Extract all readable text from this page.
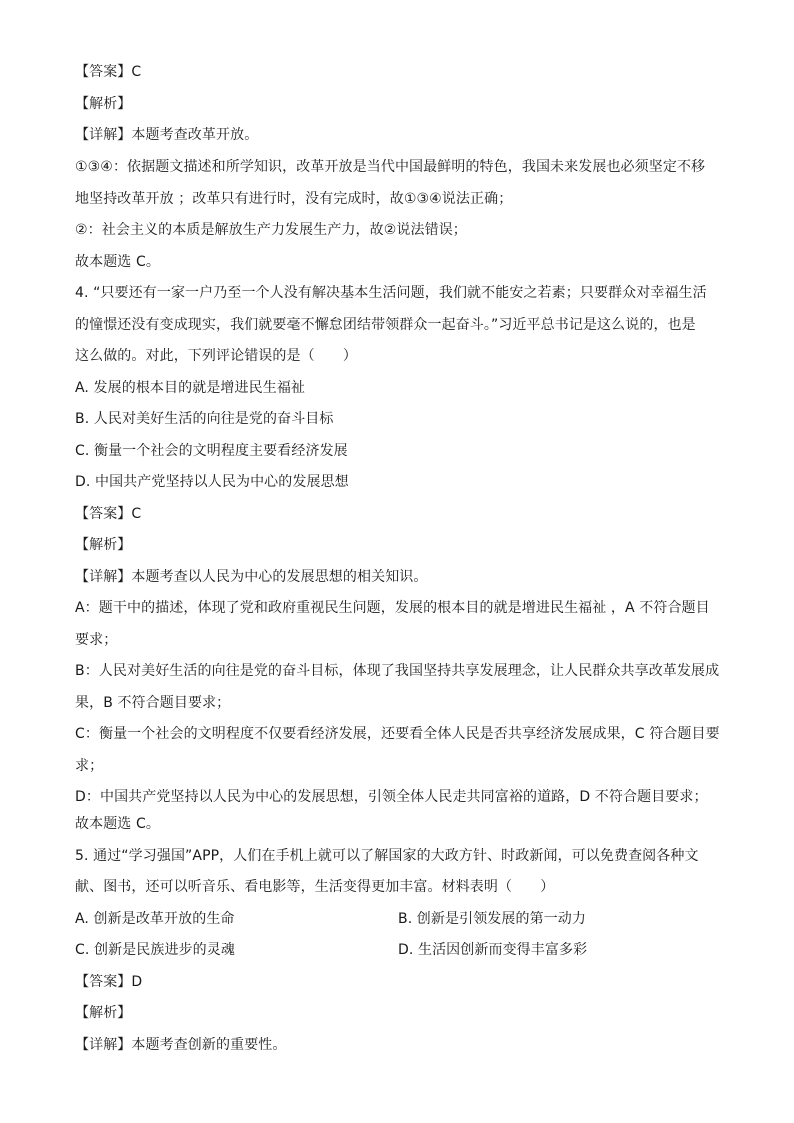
【答案】C
【解析】
【详解】本题考查改革开放。
①③④：依据题文描述和所学知识，改革开放是当代中国最鲜明的特色，我国未来发展也必须坚定不移
地坚持改革开放 ；改革只有进行时，没有完成时，故①③④说法正确；
②：社会主义的本质是解放生产力发展生产力，故②说法错误；
故本题选 C。
4. “只要还有一家一户乃至一个人没有解决基本生活问题，我们就不能安之若素；只要群众对幸福生活
的憧憬还没有变成现实，我们就要毫不懈怠团结带领群众一起奋斗。”习近平总书记是这么说的，也是
这么做的。对此，下列评论错误的是（　　）
A. 发展的根本目的就是增进民生福祉
B. 人民对美好生活的向往是党的奋斗目标
C. 衡量一个社会的文明程度主要看经济发展
D. 中国共产党坚持以人民为中心的发展思想
【答案】C
【解析】
【详解】本题考查以人民为中心的发展思想的相关知识。
A：题干中的描述，体现了党和政府重视民生问题，发展的根本目的就是增进民生福祉 ，A 不符合题目
要求；
B：人民对美好生活的向往是党的奋斗目标，体现了我国坚持共享发展理念，让人民群众共享改革发展成
果，B 不符合题目要求；
C：衡量一个社会的文明程度不仅要看经济发展，还要看全体人民是否共享经济发展成果，C 符合题目要
求；
D：中国共产党坚持以人民为中心的发展思想，引领全体人民走共同富裕的道路，D 不符合题目要求；
故本题选 C。
5. 通过“学习强国”APP，人们在手机上就可以了解国家的大政方针、时政新闻，可以免费查阅各种文
献、图书，还可以听音乐、看电影等，生活变得更加丰富。材料表明（　　）
A. 创新是改革开放的生命	B. 创新是引领发展的第一动力
C. 创新是民族进步的灵魂	D. 生活因创新而变得丰富多彩
【答案】D
【解析】
【详解】本题考查创新的重要性。
